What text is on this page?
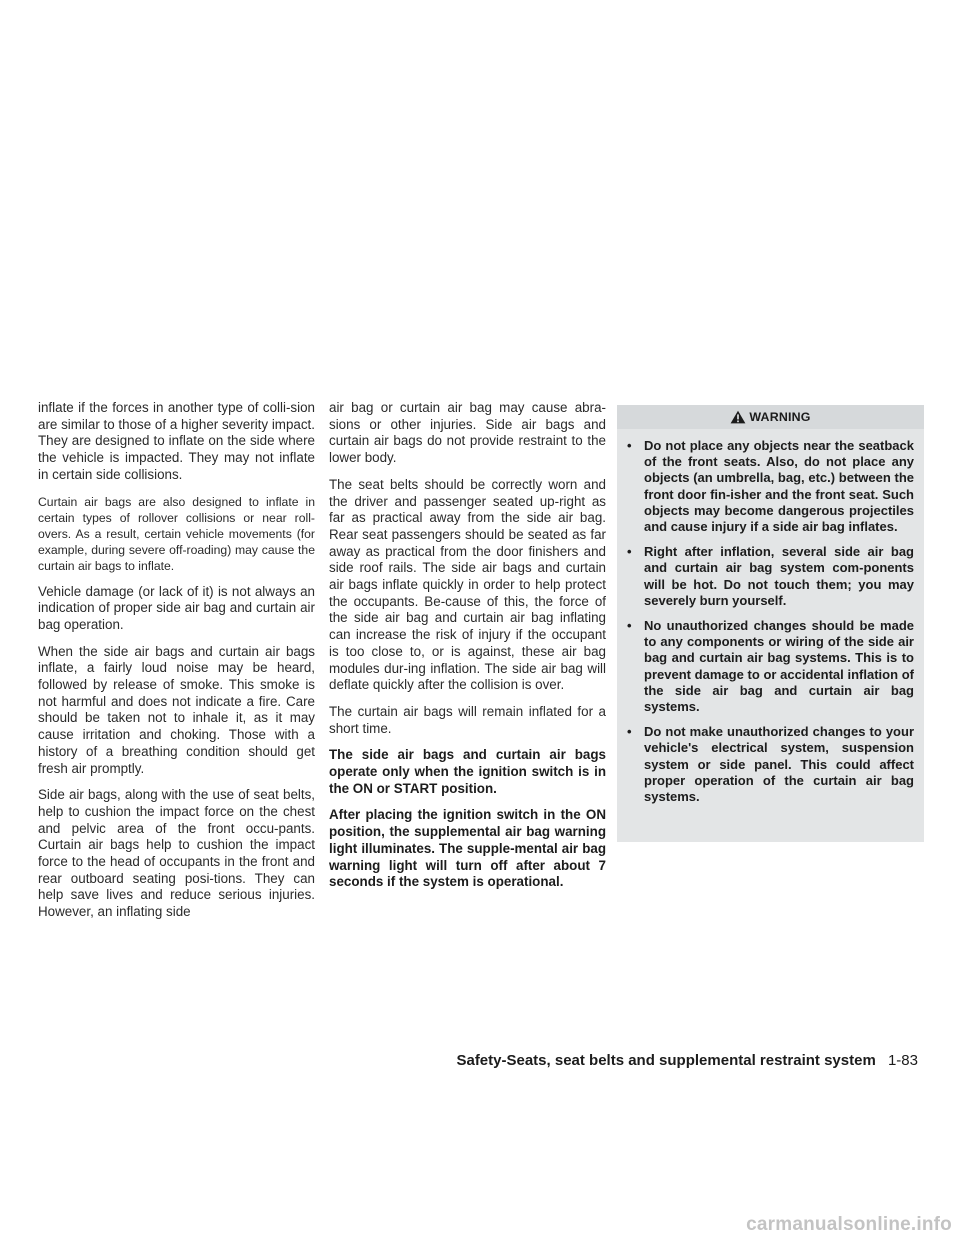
inflate if the forces in another type of colli-sion are similar to those of a higher severity impact. They are designed to inflate on the side where the vehicle is impacted. They may not inflate in certain side collisions.

Curtain air bags are also designed to inflate in certain types of rollover collisions or near roll-overs. As a result, certain vehicle movements (for example, during severe off-roading) may cause the curtain air bags to inflate.

Vehicle damage (or lack of it) is not always an indication of proper side air bag and curtain air bag operation.

When the side air bags and curtain air bags inflate, a fairly loud noise may be heard, followed by release of smoke. This smoke is not harmful and does not indicate a fire. Care should be taken not to inhale it, as it may cause irritation and choking. Those with a history of a breathing condition should get fresh air promptly.

Side air bags, along with the use of seat belts, help to cushion the impact force on the chest and pelvic area of the front occu-pants. Curtain air bags help to cushion the impact force to the head of occupants in the front and rear outboard seating posi-tions. They can help save lives and reduce serious injuries. However, an inflating side

air bag or curtain air bag may cause abra-sions or other injuries. Side air bags and curtain air bags do not provide restraint to the lower body.

The seat belts should be correctly worn and the driver and passenger seated up-right as far as practical away from the side air bag. Rear seat passengers should be seated as far away as practical from the door finishers and side roof rails. The side air bags and curtain air bags inflate quickly in order to help protect the occupants. Be-cause of this, the force of the side air bag and curtain air bag inflating can increase the risk of injury if the occupant is too close to, or is against, these air bag modules dur-ing inflation. The side air bag will deflate quickly after the collision is over.

The curtain air bags will remain inflated for a short time.

The side air bags and curtain air bags operate only when the ignition switch is in the ON or START position.

After placing the ignition switch in the ON position, the supplemental air bag warning light illuminates. The supple-mental air bag warning light will turn off after about 7 seconds if the system is operational.

WARNING
• Do not place any objects near the seatback of the front seats. Also, do not place any objects (an umbrella, bag, etc.) between the front door fin-isher and the front seat. Such objects may become dangerous projectiles and cause injury if a side air bag inflates.
• Right after inflation, several side air bag and curtain air bag system com-ponents will be hot. Do not touch them; you may severely burn yourself.
• No unauthorized changes should be made to any components or wiring of the side air bag and curtain air bag systems. This is to prevent damage to or accidental inflation of the side air bag and curtain air bag systems.
• Do not make unauthorized changes to your vehicle's electrical system, suspension system or side panel. This could affect proper operation of the curtain air bag systems.
Safety-Seats, seat belts and supplemental restraint system 1-83
carmanualsonline.info
